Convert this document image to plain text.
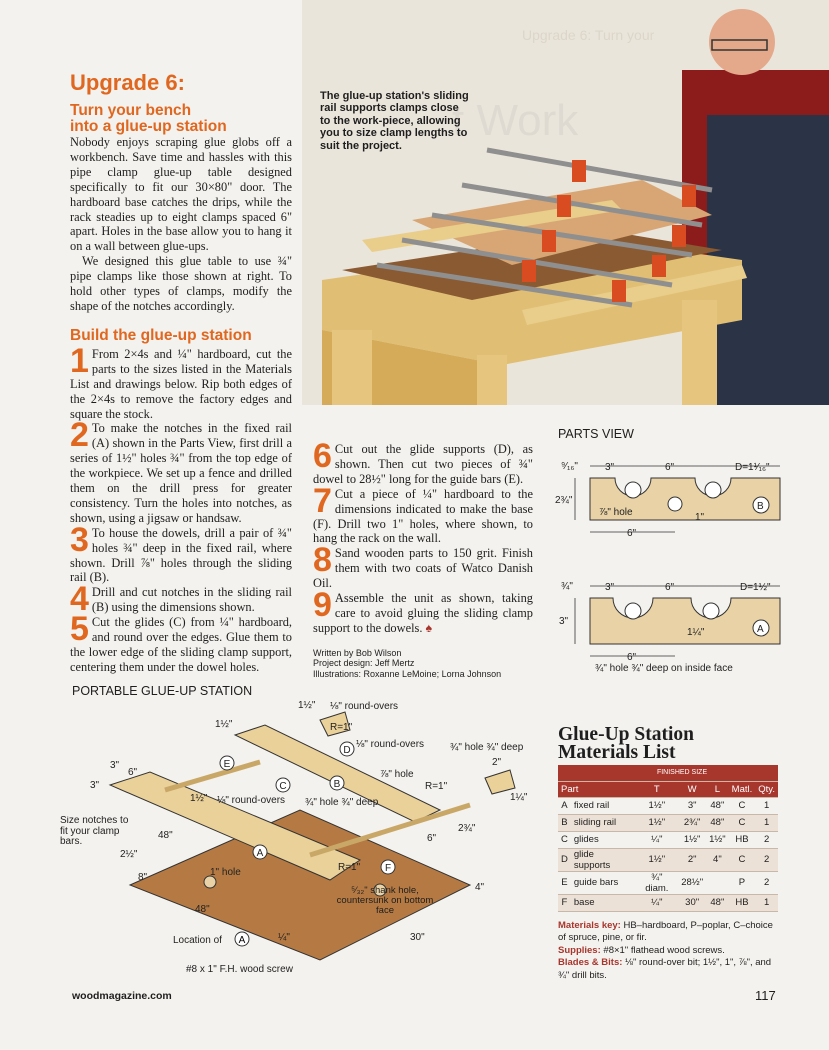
Upgrade 6:
Turn your bench
into a glue-up station

Nobody enjoys scraping glue globs off a workbench. Save time and hassles with this pipe clamp glue-up table designed specifically to fit our 30×80" door. The hardboard base catches the drips, while the rack steadies up to eight clamps spaced 6" apart. Holes in the base allow you to hang it on a wall between glue-ups.

We designed this glue table to use ¾" pipe clamps like those shown at right. To hold other types of clamps, modify the shape of the notches accordingly.

Build the glue-up station
1 From 2×4s and ¼" hardboard, cut the parts to the sizes listed in the Materials List and drawings below. Rip both edges of the 2×4s to remove the factory edges and square the stock.
2 To make the notches in the fixed rail (A) shown in the Parts View, first drill a series of 1½" holes ¾" from the top edge of the workpiece. We set up a fence and drilled them on the drill press for greater consistency. Turn the holes into notches, as shown, using a jigsaw or handsaw.
3 To house the dowels, drill a pair of ¾" holes ¾" deep in the fixed rail, where shown. Drill ⅞" holes through the sliding rail (B).
4 Drill and cut notches in the sliding rail (B) using the dimensions shown.
5 Cut the glides (C) from ¼" hardboard, and round over the edges. Glue them to the lower edge of the sliding clamp support, centering them under the dowel holes.
Upgrade 6: Turn your
t Work
The glue-up station's sliding rail supports clamps close to the work-piece, allowing you to size clamp lengths to suit the project.
6 Cut out the glide supports (D), as shown. Then cut two pieces of ¾" dowel to 28½" long for the guide bars (E).
7 Cut a piece of ¼" hardboard to the dimensions indicated to make the base (F). Drill two 1" holes, where shown, to hang the rack on the wall.
8 Sand wooden parts to 150 grit. Finish them with two coats of Watco Danish Oil.
9 Assemble the unit as shown, taking care to avoid gluing the sliding clamp support to the dowels. ♠
Written by Bob Wilson
Project design: Jeff Mertz
Illustrations: Roxanne LeMoine; Lorna Johnson
PARTS VIEW
⁹⁄₁₆"	3"	6"	D=1¹⁄₁₆"
2¾"
⅞" hole	1"
6"
B
¾"	3"	6"	D=1½"
3"
1¼"
6"
A
¾" hole ¾" deep on inside face
PORTABLE GLUE-UP STATION
A
B
C
D
E
F
⅛" round-overs
1½"
R=1"
⅛" round-overs	¾" hole ¾" deep
1½"
⅞" hole
R=1"
2"
1¼"
2¾"
6"
1½" ⅛" round-overs ¾" hole ¾" deep
3"
6"
3"
48"
2½"
8"	1" hole	R=1"
4"
48"
¼"	30"
Size notches to fit your clamp bars.
⁵⁄₃₂" shank hole, countersunk on bottom face
Location of A
#8 x 1" F.H. wood screw
Glue-Up Station
Materials List
		FINISHED SIZE				
Part		T	W	L	Matl.	Qty.
A	fixed rail	1½"	3"	48"	C	1
B	sliding rail	1½"	2¾"	48"	C	1
C	glides	¼"	1½"	1½"	HB	2
D	glide supports	1½"	2"	4"	C	2
E	guide bars	¾" diam.	28½"		P	2
F	base	¼"	30"	48"	HB	1
Materials key: HB–hardboard, P–poplar, C–choice of spruce, pine, or fir.
Supplies: #8×1" flathead wood screws.
Blades & Bits: ⅛" round-over bit; 1½", 1", ⅞", and ¾" drill bits.
woodmagazine.com	117
